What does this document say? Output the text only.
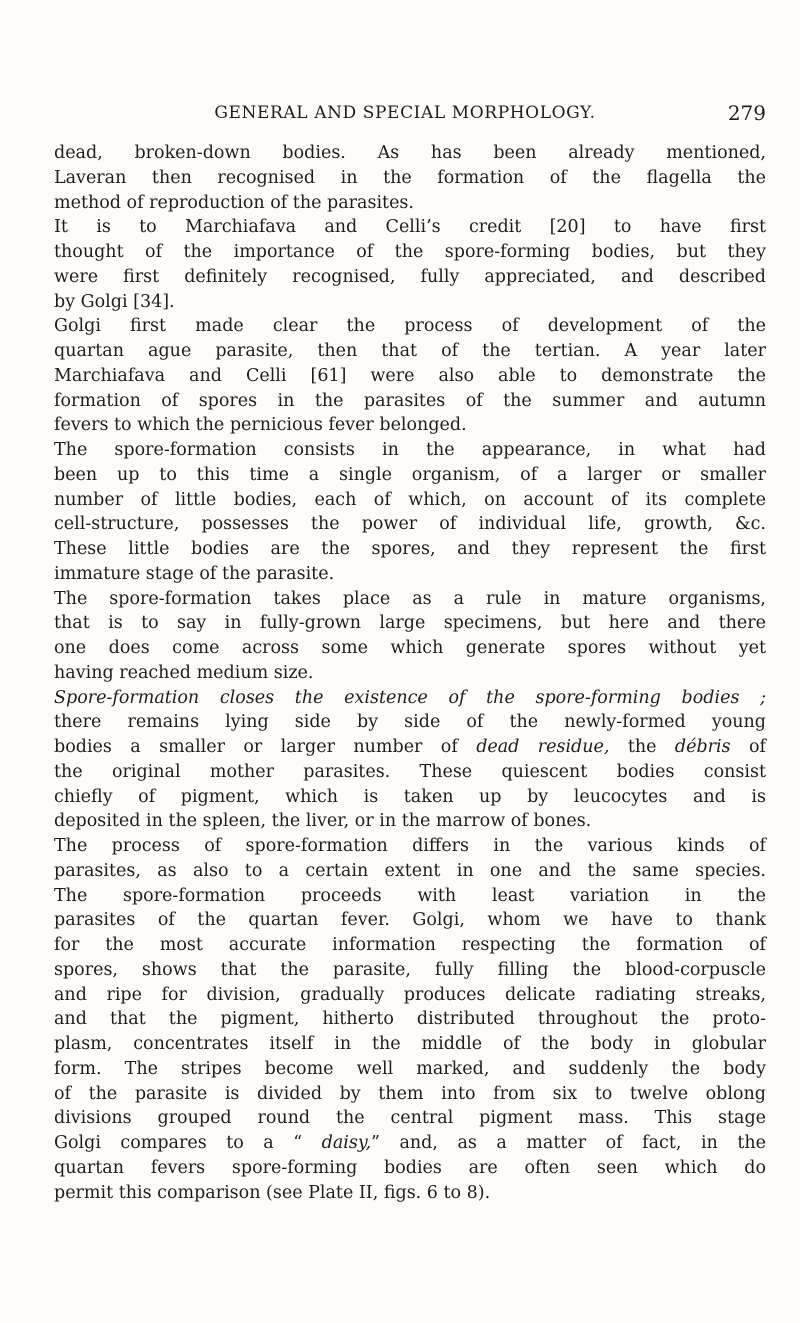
GENERAL AND SPECIAL MORPHOLOGY.	279
dead, broken-down bodies. As has been already mentioned,
Laveran then recognised in the formation of the flagella the
method of reproduction of the parasites.
It is to Marchiafava and Celli’s credit [20] to have first
thought of the importance of the spore-forming bodies, but they
were first definitely recognised, fully appreciated, and described
by Golgi [34].
Golgi first made clear the process of development of the
quartan ague parasite, then that of the tertian. A year later
Marchiafava and Celli [61] were also able to demonstrate the
formation of spores in the parasites of the summer and autumn
fevers to which the pernicious fever belonged.
The spore-formation consists in the appearance, in what had
been up to this time a single organism, of a larger or smaller
number of little bodies, each of which, on account of its complete
cell-structure, possesses the power of individual life, growth, &c.
These little bodies are the spores, and they represent the first
immature stage of the parasite.
The spore-formation takes place as a rule in mature organisms,
that is to say in fully-grown large specimens, but here and there
one does come across some which generate spores without yet
having reached medium size.
Spore-formation closes the existence of the spore-forming bodies ;
there remains lying side by side of the newly-formed young
bodies a smaller or larger number of dead residue, the débris of
the original mother parasites. These quiescent bodies consist
chiefly of pigment, which is taken up by leucocytes and is
deposited in the spleen, the liver, or in the marrow of bones.
The process of spore-formation differs in the various kinds of
parasites, as also to a certain extent in one and the same species.
The spore-formation proceeds with least variation in the
parasites of the quartan fever. Golgi, whom we have to thank
for the most accurate information respecting the formation of
spores, shows that the parasite, fully filling the blood-corpuscle
and ripe for division, gradually produces delicate radiating streaks,
and that the pigment, hitherto distributed throughout the proto-
plasm, concentrates itself in the middle of the body in globular
form. The stripes become well marked, and suddenly the body
of the parasite is divided by them into from six to twelve oblong
divisions grouped round the central pigment mass. This stage
Golgi compares to a “ daisy,” and, as a matter of fact, in the
quartan fevers spore-forming bodies are often seen which do
permit this comparison (see Plate II, figs. 6 to 8).
